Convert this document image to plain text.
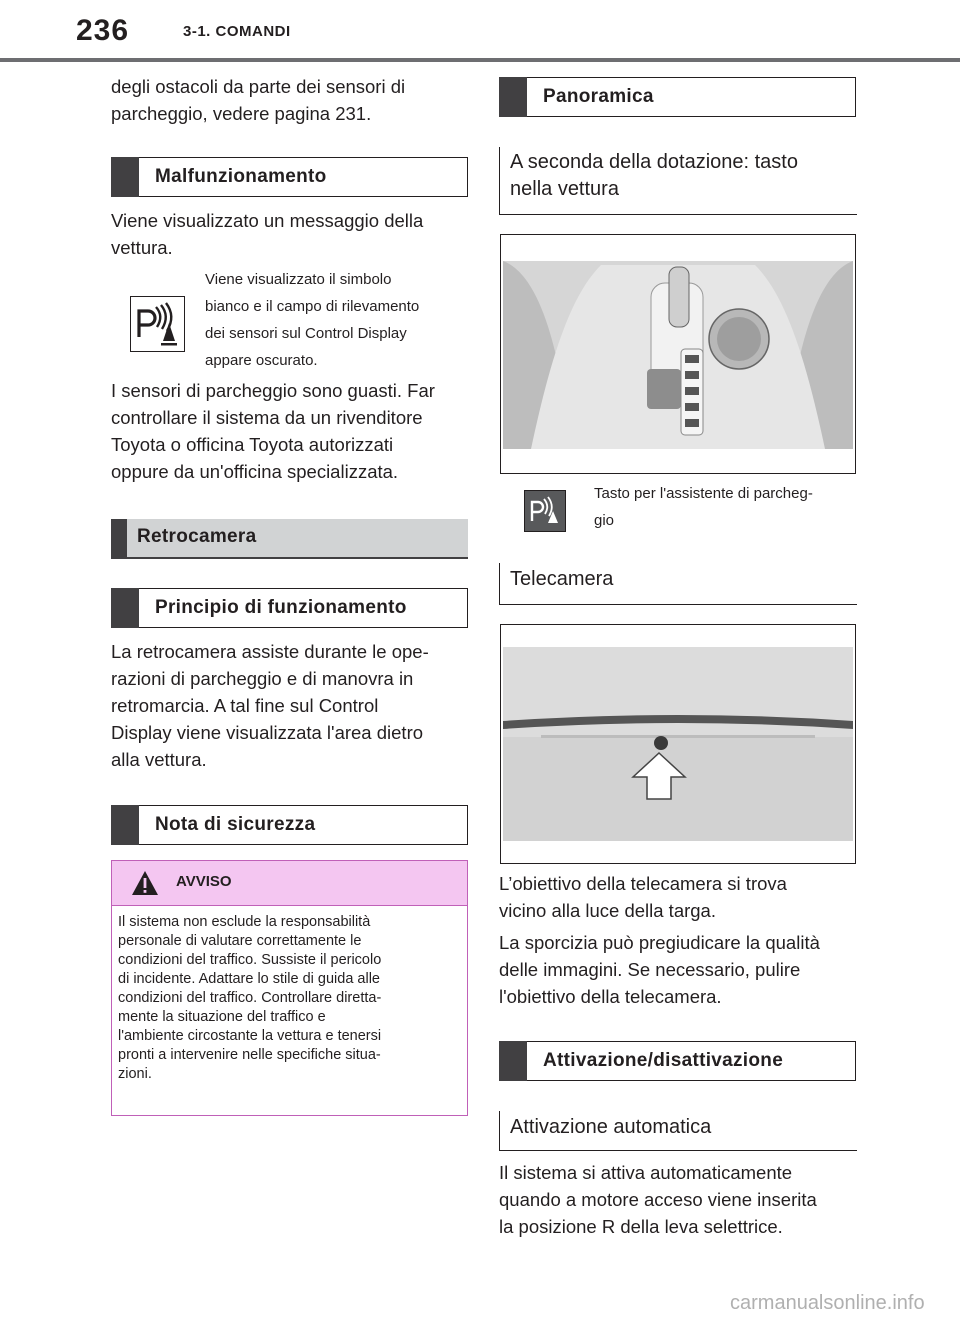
236	3-1. COMANDI
degli ostacoli da parte dei sensori di
parcheggio, vedere pagina 231.
Malfunzionamento
Viene visualizzato un messaggio della
vettura.
Viene visualizzato il simbolo
bianco e il campo di rilevamento
dei sensori sul Control Display
appare oscurato.
I sensori di parcheggio sono guasti. Far
controllare il sistema da un rivenditore
Toyota o officina Toyota autorizzati
oppure da un'officina specializzata.
Retrocamera
Principio di funzionamento
La retrocamera assiste durante le ope-
razioni di parcheggio e di manovra in
retromarcia. A tal fine sul Control
Display viene visualizzata l'area dietro
alla vettura.
Nota di sicurezza
AVVISO
Il sistema non esclude la responsabilità
personale di valutare correttamente le
condizioni del traffico. Sussiste il pericolo
di incidente. Adattare lo stile di guida alle
condizioni del traffico. Controllare diretta-
mente la situazione del traffico e
l'ambiente circostante la vettura e tenersi
pronti a intervenire nelle specifiche situa-
zioni.
Panoramica
A seconda della dotazione: tasto
nella vettura
Tasto per l'assistente di parcheg-
gio
Telecamera
L’obiettivo della telecamera si trova
vicino alla luce della targa.
La sporcizia può pregiudicare la qualità
delle immagini. Se necessario, pulire
l'obiettivo della telecamera.
Attivazione/disattivazione
Attivazione automatica
Il sistema si attiva automaticamente
quando a motore acceso viene inserita
la posizione R della leva selettrice.
carmanualsonline.info
